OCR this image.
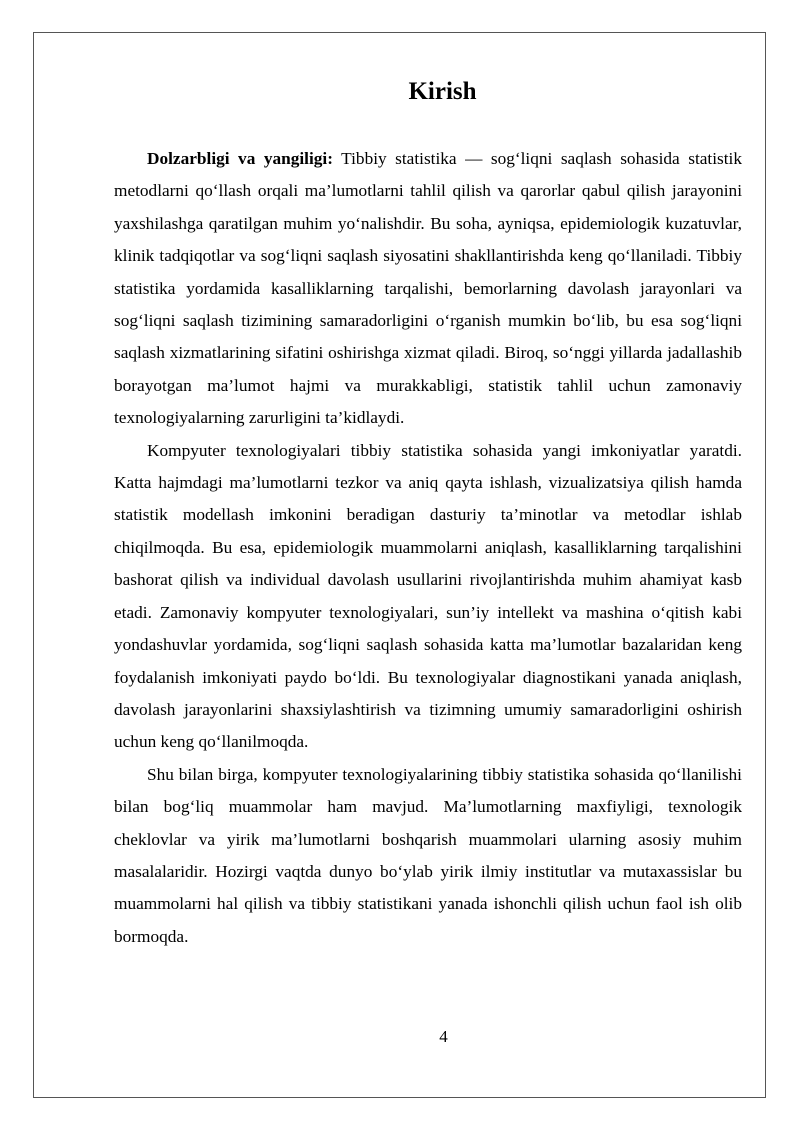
Kirish

Dolzarbligi va yangiligi: Tibbiy statistika — sog‘liqni saqlash sohasida statistik metodlarni qo‘llash orqali ma’lumotlarni tahlil qilish va qarorlar qabul qilish jarayonini yaxshilashga qaratilgan muhim yo‘nalishdir. Bu soha, ayniqsa, epidemiologik kuzatuvlar, klinik tadqiqotlar va sog‘liqni saqlash siyosatini shakllantirishda keng qo‘llaniladi. Tibbiy statistika yordamida kasalliklarning tarqalishi, bemorlarning davolash jarayonlari va sog‘liqni saqlash tizimining samaradorligini o‘rganish mumkin bo‘lib, bu esa sog‘liqni saqlash xizmatlarining sifatini oshirishga xizmat qiladi. Biroq, so‘nggi yillarda jadallashib borayotgan ma’lumot hajmi va murakkabligi, statistik tahlil uchun zamonaviy texnologiyalarning zarurligini ta’kidlaydi.

Kompyuter texnologiyalari tibbiy statistika sohasida yangi imkoniyatlar yaratdi. Katta hajmdagi ma’lumotlarni tezkor va aniq qayta ishlash, vizualizatsiya qilish hamda statistik modellash imkonini beradigan dasturiy ta’minotlar va metodlar ishlab chiqilmoqda. Bu esa, epidemiologik muammolarni aniqlash, kasalliklarning tarqalishini bashorat qilish va individual davolash usullarini rivojlantirishda muhim ahamiyat kasb etadi. Zamonaviy kompyuter texnologiyalari, sun’iy intellekt va mashina o‘qitish kabi yondashuvlar yordamida, sog‘liqni saqlash sohasida katta ma’lumotlar bazalaridan keng foydalanish imkoniyati paydo bo‘ldi. Bu texnologiyalar diagnostikani yanada aniqlash, davolash jarayonlarini shaxsiylashtirish va tizimning umumiy samaradorligini oshirish uchun keng qo‘llanilmoqda.

Shu bilan birga, kompyuter texnologiyalarining tibbiy statistika sohasida qo‘llanilishi bilan bog‘liq muammolar ham mavjud. Ma’lumotlarning maxfiyligi, texnologik cheklovlar va yirik ma’lumotlarni boshqarish muammolari ularning asosiy muhim masalalaridir. Hozirgi vaqtda dunyo bo‘ylab yirik ilmiy institutlar va mutaxassislar bu muammolarni hal qilish va tibbiy statistikani yanada ishonchli qilish uchun faol ish olib bormoqda.

4
